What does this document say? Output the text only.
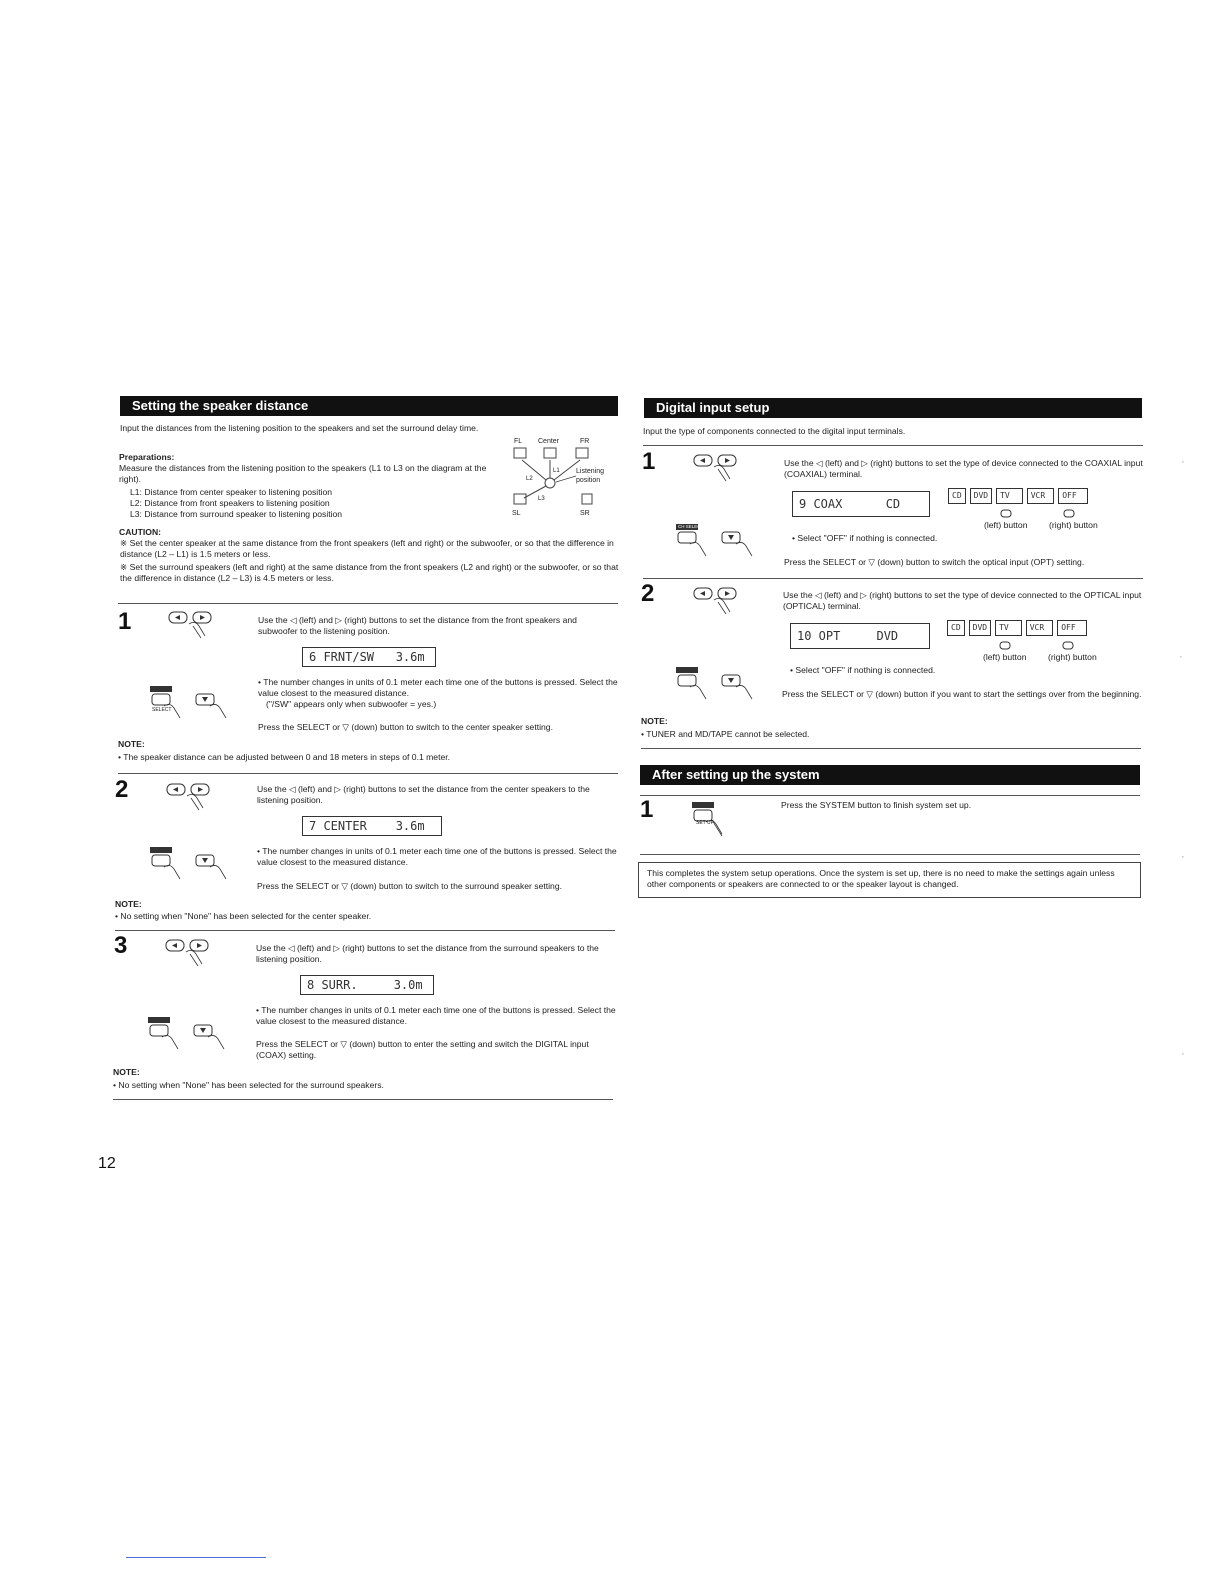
Setting the speaker distance
Input the distances from the listening position to the speakers and set the surround delay time.
Preparations:
Measure the distances from the listening position to the speakers (L1 to L3 on the diagram at the right).
L1: Distance from center speaker to listening position
L2: Distance from front speakers to listening position
L3: Distance from surround speaker to listening position
FL Center	FR
Listening
position
SL	SR
L1
L2
L3
CAUTION:
※ Set the center speaker at the same distance from the front speakers (left and right) or the subwoofer, or so that the difference in distance (L2 – L1) is 1.5 meters or less.
※ Set the surround speakers (left and right) at the same distance from the front speakers (L2 and right) or the subwoofer, or so that the difference in distance (L2 – L3) is 4.5 meters or less.
1	Use the ◁ (left) and ▷ (right) buttons to set the distance from the front speakers and subwoofer to the listening position.
6 FRNT/SW   3.6m
• The number changes in units of 0.1 meter each time one of the buttons is pressed. Select the value closest to the measured distance.
("/SW" appears only when subwoofer = yes.)
SELECT
Press the SELECT or ▽ (down) button to switch to the center speaker setting.
NOTE:
• The speaker distance can be adjusted between 0 and 18 meters in steps of 0.1 meter.
2	Use the ◁ (left) and ▷ (right) buttons to set the distance from the center speakers to the listening position.
7 CENTER    3.6m
• The number changes in units of 0.1 meter each time one of the buttons is pressed. Select the value closest to the measured distance.
Press the SELECT or ▽ (down) button to switch to the surround speaker setting.
NOTE:
• No setting when "None" has been selected for the center speaker.
3	Use the ◁ (left) and ▷ (right) buttons to set the distance from the surround speakers to the listening position.
8 SURR.     3.0m
• The number changes in units of 0.1 meter each time one of the buttons is pressed. Select the value closest to the measured distance.
Press the SELECT or ▽ (down) button to enter the setting and switch the DIGITAL input (COAX) setting.
NOTE:
• No setting when "None" has been selected for the surround speakers.
12
Digital input setup
Input the type of components connected to the digital input terminals.
1	Use the ◁ (left) and ▷ (right) buttons to set the type of device connected to the COAXIAL input (COAXIAL) terminal.
9 COAX      CD
CD	DVD	TV	VCR	OFF
(left) button	(right) button
CH SELECT
• Select "OFF" if nothing is connected.
Press the SELECT or ▽ (down) button to switch the optical input (OPT) setting.
2	Use the ◁ (left) and ▷ (right) buttons to set the type of device connected to the OPTICAL input (OPTICAL) terminal.
10 OPT     DVD
CD	DVD	TV	VCR	OFF
(left) button	(right) button
• Select "OFF" if nothing is connected.
Press the SELECT or ▽ (down) button if you want to start the settings over from the beginning.
NOTE:
• TUNER and MD/TAPE cannot be selected.
After setting up the system
1	SET UP
Press the SYSTEM button to finish system set up.
This completes the system setup operations. Once the system is set up, there is no need to make the settings again unless other components or speakers are connected to or the speaker layout is changed.
’
’
’
’
